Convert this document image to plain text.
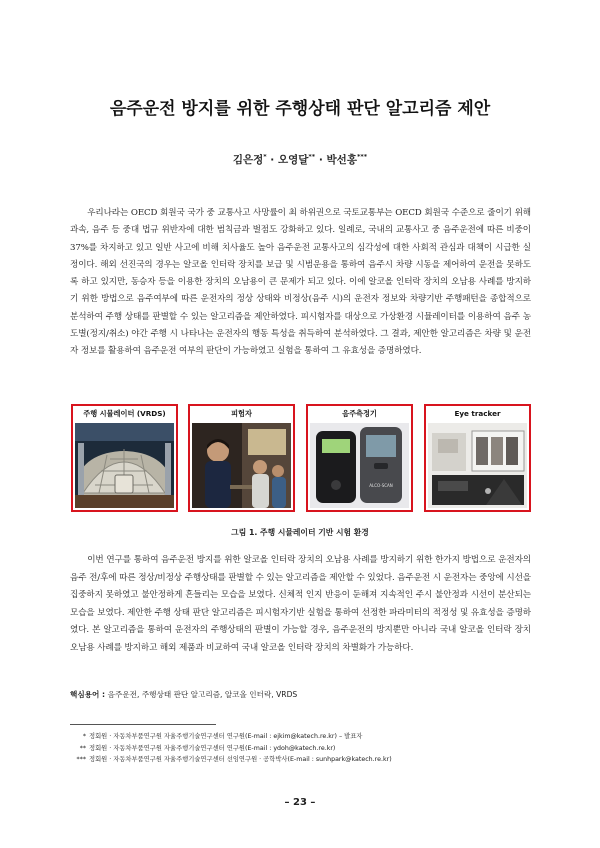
음주운전 방지를 위한 주행상태 판단 알고리즘 제안
김은정* · 오영달** · 박선홍***

우리나라는 OECD 회원국 국가 중 교통사고 사망률이 최 하위권으로 국토교통부는 OECD 회원국 수준으로 줄이기 위해 과속, 음주 등 중대 법규 위반자에 대한 범칙금과 벌점도 강화하고 있다. 일례로, 국내의 교통사고 중 음주운전에 따른 비중이 37%를 차지하고 있고 일반 사고에 비해 치사율도 높아 음주운전 교통사고의 심각성에 대한 사회적 관심과 대책이 시급한 실정이다. 해외 선진국의 경우는 알코올 인터락 장치를 보급 및 시범운용을 통하여 음주시 차량 시동을 제어하여 운전을 못하도록 하고 있지만, 동승자 등을 이용한 장치의 오남용이 큰 문제가 되고 있다. 이에 알코올 인터락 장치의 오남용 사례를 방지하기 위한 방법으로 음주여부에 따른 운전자의 정상 상태와 비정상(음주 시)의 운전자 정보와 차량기반 주행패턴을 종합적으로 분석하여 주행 상태를 판별할 수 있는 알고리즘을 제안하였다. 피시험자를 대상으로 가상환경 시뮬레이터를 이용하여 음주 농도별(정지/취소) 야간 주행 시 나타나는 운전자의 행동 특성을 취득하여 분석하였다. 그 결과, 제안한 알고리즘은 차량 및 운전자 정보를 활용하여 음주운전 여부의 판단이 가능하였고 실험을 통하여 그 유효성을 증명하였다.

주행 시뮬레이터 (VRDS)	피험자	음주측정기
ALCO-SCAN
Eye tracker
그림 1. 주행 시뮬레이터 기반 시험 환경

이번 연구를 통하여 음주운전 방지를 위한 알코올 인터락 장치의 오남용 사례를 방지하기 위한 한가지 방법으로 운전자의 음주 전/후에 따른 정상/비정상 주행상태를 판별할 수 있는 알고리즘을 제안할 수 있었다. 음주운전 시 운전자는 중앙에 시선을 집중하지 못하였고 불안정하게 흔들리는 모습을 보였다. 신체적 인지 반응이 둔해져 지속적인 주시 불안정과 시선이 분산되는 모습을 보였다. 제안한 주행 상태 판단 알고리즘은 피시험자기반 실험을 통하여 선정한 파라미터의 적정성 및 유효성을 증명하였다. 본 알고리즘을 통하여 운전자의 주행상태의 판별이 가능할 경우, 음주운전의 방지뿐만 아니라 국내 알코올 인터락 장치 오남용 사례를 방지하고 해외 제품과 비교하여 국내 알코올 인터락 장치의 차별화가 가능하다.

핵심용어 : 음주운전, 주행상태 판단 알고리즘, 알코올 인터락, VRDS
* 정회원 · 자동차부품연구원 자율주행기술연구센터 연구원(E-mail : ejkim@katech.re.kr) – 발표자
** 정회원 · 자동차부품연구원 자율주행기술연구센터 연구원(E-mail : ydoh@katech.re.kr)
*** 정회원 · 자동차부품연구원 자율주행기술연구센터 선임연구원 · 공학박사(E-mail : sunhpark@katech.re.kr)
– 23 –
